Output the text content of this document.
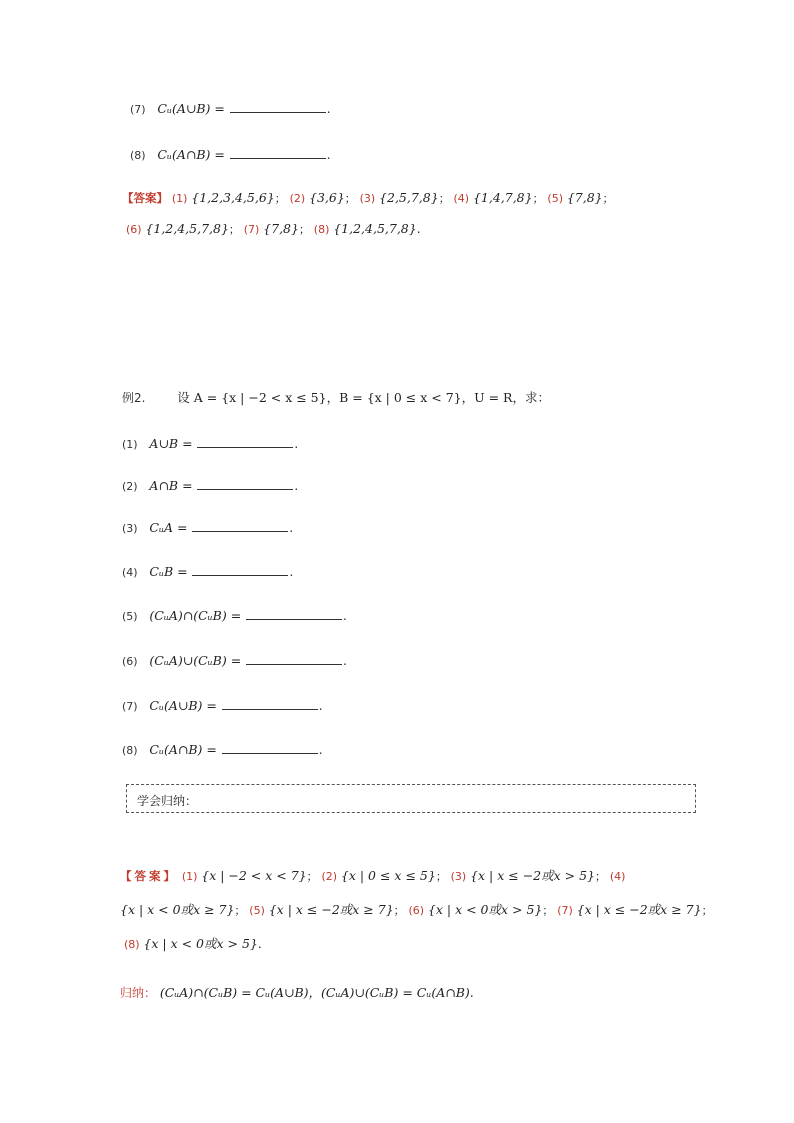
(7) Cᵤ(A∪B) =	.
(8) Cᵤ(A∩B) =	.
【答案】 (1) {1,2,3,4,5,6}； (2) {3,6}； (3) {2,5,7,8}； (4) {1,4,7,8}； (5) {7,8}；
(6) {1,2,4,5,7,8}； (7) {7,8}； (8) {1,2,4,5,7,8}.
例2.	设 A = {x | −2 < x ≤ 5}，B = {x | 0 ≤ x < 7}，U = R，求：
(1) A∪B =	.
(2) A∩B =	.
(3) CᵤA =	.
(4) CᵤB =	.
(5) (CᵤA)∩(CᵤB) =	.
(6) (CᵤA)∪(CᵤB) =	.
(7) Cᵤ(A∪B) =	.
(8) Cᵤ(A∩B) =	.
学会归纳：
【答案】 (1) {x | −2 < x < 7}； (2) {x | 0 ≤ x ≤ 5}； (3) {x | x ≤ −2或x > 5}； (4)
{x | x < 0或x ≥ 7}； (5) {x | x ≤ −2或x ≥ 7}； (6) {x | x < 0或x > 5}； (7) {x | x ≤ −2或x ≥ 7}；
(8) {x | x < 0或x > 5}.
归纳： (CᵤA)∩(CᵤB) = Cᵤ(A∪B)，(CᵤA)∪(CᵤB) = Cᵤ(A∩B).
